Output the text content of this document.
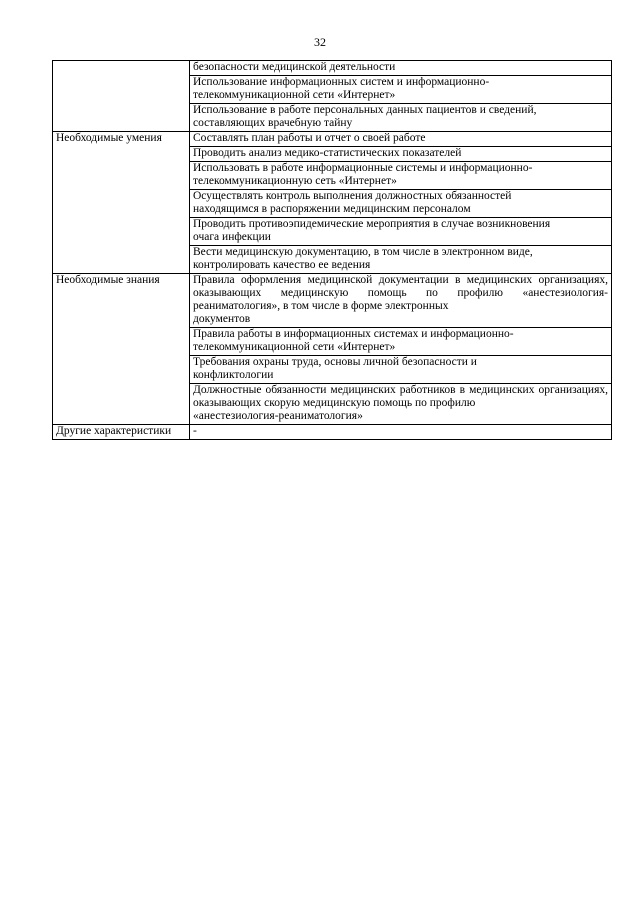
32
	безопасности медицинской деятельности
	Использование информационных систем и информационно-
телекоммуникационной сети «Интернет»

	Использование в работе персональных данных пациентов и сведений,
составляющих врачебную тайну

Необходимые умения	Составлять план работы и отчет о своей работе
	Проводить анализ медико-статистических показателей
	Использовать в работе информационные системы и информационно-
телекоммуникационную сеть «Интернет»

	Осуществлять контроль выполнения должностных обязанностей
находящимся в распоряжении медицинским персоналом

	Проводить противоэпидемические мероприятия в случае возникновения
очага инфекции

	Вести медицинскую документацию, в том числе в электронном виде,
контролировать качество ее ведения

Необходимые знания	Правила оформления медицинской документации в медицинских организациях, оказывающих медицинскую помощь по профилю «анестезиология-реаниматология», в том числе в форме электронных
документов

	Правила работы в информационных системах и информационно-
телекоммуникационной сети «Интернет»

	Требования охраны труда, основы личной безопасности и
конфликтологии

	Должностные обязанности медицинских работников в медицинских организациях, оказывающих скорую медицинскую помощь по профилю
«анестезиология-реаниматология»

Другие характеристики	-
